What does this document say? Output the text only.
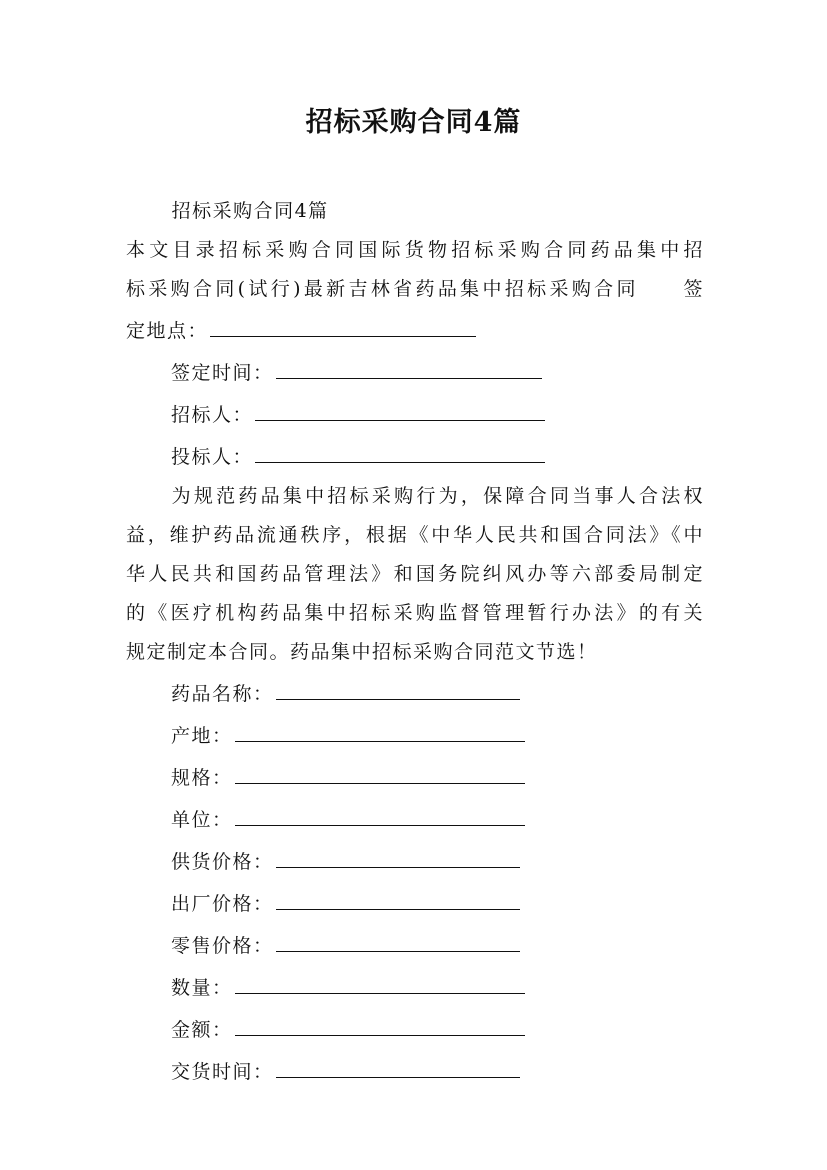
招标采购合同4篇

招标采购合同4篇

本文目录招标采购合同国际货物招标采购合同药品集中招

标采购合同(试行)最新吉林省药品集中招标采购合同　　签

定地点：

签定时间：

招标人：

投标人：

为规范药品集中招标采购行为，保障合同当事人合法权

益，维护药品流通秩序，根据《中华人民共和国合同法》《中

华人民共和国药品管理法》和国务院纠风办等六部委局制定

的《医疗机构药品集中招标采购监督管理暂行办法》的有关

规定制定本合同。药品集中招标采购合同范文节选！

药品名称：

产地：

规格：

单位：

供货价格：

出厂价格：

零售价格：

数量：

金额：

交货时间：
